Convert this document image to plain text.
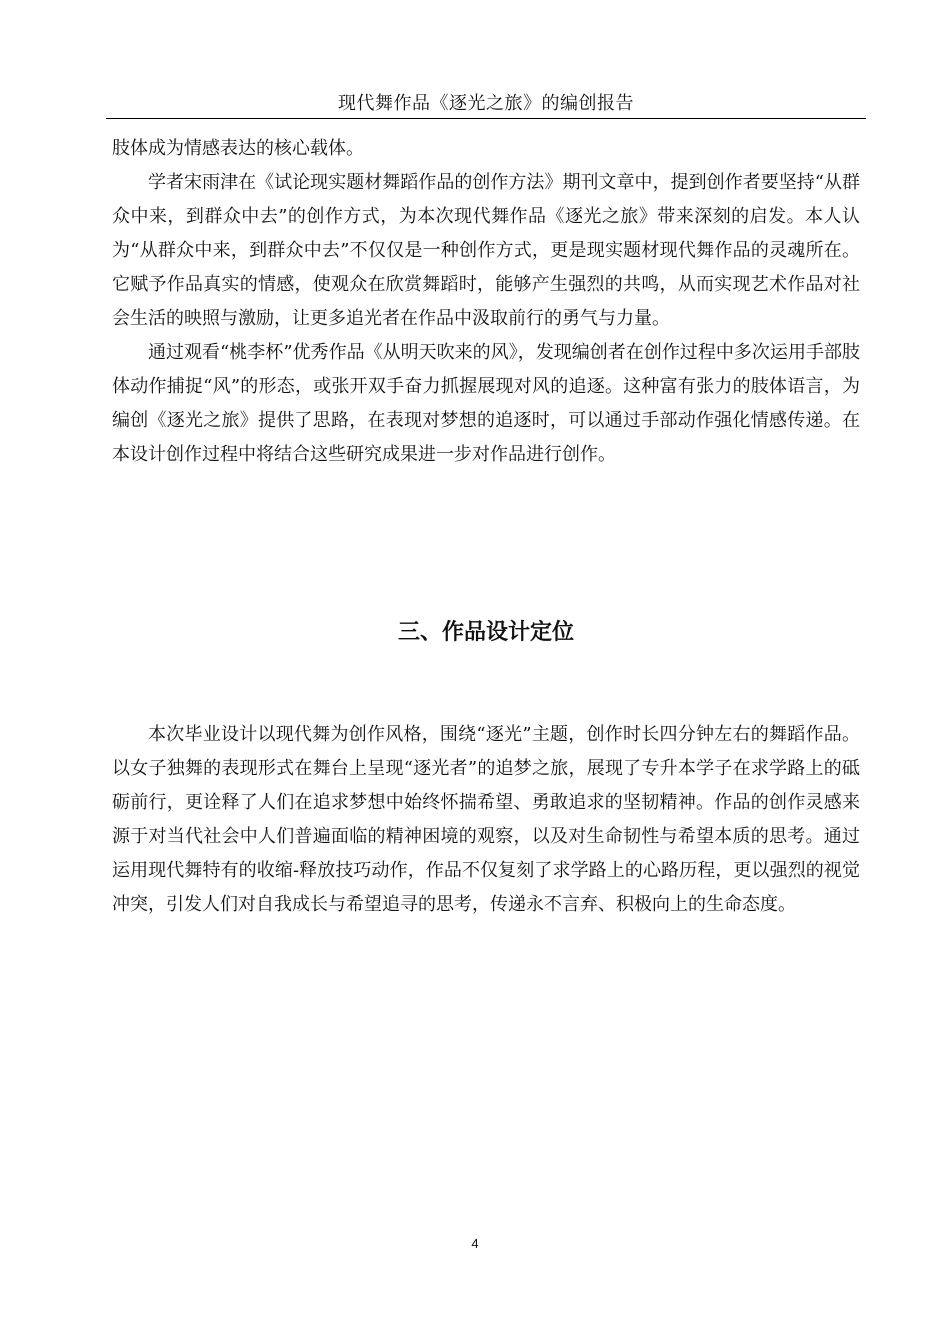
现代舞作品《逐光之旅》的编创报告

肢体成为情感表达的核心载体。

学者宋雨津在《试论现实题材舞蹈作品的创作方法》期刊文章中，提到创作者要坚持“从群众中来，到群众中去”的创作方式，为本次现代舞作品《逐光之旅》带来深刻的启发。本人认为“从群众中来，到群众中去”不仅仅是一种创作方式，更是现实题材现代舞作品的灵魂所在。它赋予作品真实的情感，使观众在欣赏舞蹈时，能够产生强烈的共鸣，从而实现艺术作品对社会生活的映照与激励，让更多追光者在作品中汲取前行的勇气与力量。

通过观看“桃李杯”优秀作品《从明天吹来的风》，发现编创者在创作过程中多次运用手部肢体动作捕捉“风”的形态，或张开双手奋力抓握展现对风的追逐。这种富有张力的肢体语言，为编创《逐光之旅》提供了思路，在表现对梦想的追逐时，可以通过手部动作强化情感传递。在本设计创作过程中将结合这些研究成果进一步对作品进行创作。

三、作品设计定位

本次毕业设计以现代舞为创作风格，围绕“逐光”主题，创作时长四分钟左右的舞蹈作品。以女子独舞的表现形式在舞台上呈现“逐光者”的追梦之旅，展现了专升本学子在求学路上的砥砺前行，更诠释了人们在追求梦想中始终怀揣希望、勇敢追求的坚韧精神。作品的创作灵感来源于对当代社会中人们普遍面临的精神困境的观察，以及对生命韧性与希望本质的思考。通过运用现代舞特有的收缩-释放技巧动作，作品不仅复刻了求学路上的心路历程，更以强烈的视觉冲突，引发人们对自我成长与希望追寻的思考，传递永不言弃、积极向上的生命态度。

4
